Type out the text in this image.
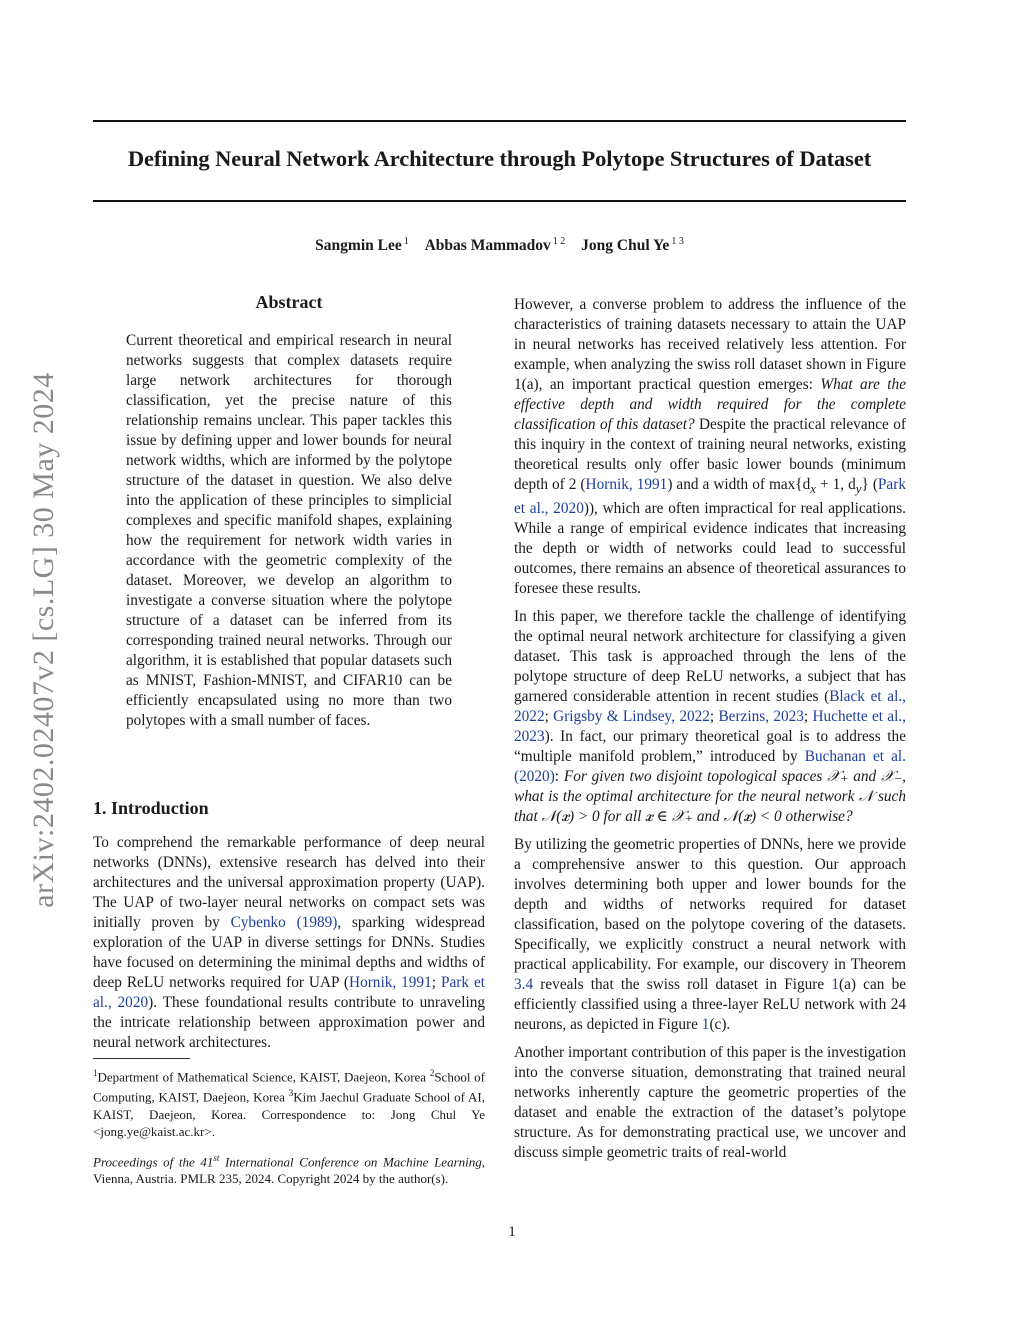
arXiv:2402.02407v2 [cs.LG] 30 May 2024
Defining Neural Network Architecture through Polytope Structures of Dataset
Sangmin Lee $^1$ Abbas Mammadov $^{1 2}$ Jong Chul Ye $^{1 3}$
Abstract
Current theoretical and empirical research in neural networks suggests that complex datasets require large network architectures for thorough classification, yet the precise nature of this relationship remains unclear. This paper tackles this issue by defining upper and lower bounds for neural network widths, which are informed by the polytope structure of the dataset in question. We also delve into the application of these principles to simplicial complexes and specific manifold shapes, explaining how the requirement for network width varies in accordance with the geometric complexity of the dataset. Moreover, we develop an algorithm to investigate a converse situation where the polytope structure of a dataset can be inferred from its corresponding trained neural networks. Through our algorithm, it is established that popular datasets such as MNIST, Fashion-MNIST, and CIFAR10 can be efficiently encapsulated using no more than two polytopes with a small number of faces.
1. Introduction
To comprehend the remarkable performance of deep neural networks (DNNs), extensive research has delved into their architectures and the universal approximation property (UAP). The UAP of two-layer neural networks on compact sets was initially proven by Cybenko (1989), sparking widespread exploration of the UAP in diverse settings for DNNs. Studies have focused on determining the minimal depths and widths of deep ReLU networks required for UAP (Hornik, 1991; Park et al., 2020). These foundational results contribute to unraveling the intricate relationship between approximation power and neural network architectures.
$^1$Department of Mathematical Science, KAIST, Daejeon, Korea $^2$School of Computing, KAIST, Daejeon, Korea $^3$Kim Jaechul Graduate School of AI, KAIST, Daejeon, Korea. Correspondence to: Jong Chul Ye <jong.ye@kaist.ac.kr>.
Proceedings of the 41st International Conference on Machine Learning, Vienna, Austria. PMLR 235, 2024. Copyright 2024 by the author(s).

However, a converse problem to address the influence of the characteristics of training datasets necessary to attain the UAP in neural networks has received relatively less attention. For example, when analyzing the swiss roll dataset shown in Figure 1(a), an important practical question emerges: What are the effective depth and width required for the complete classification of this dataset? Despite the practical relevance of this inquiry in the context of training neural networks, existing theoretical results only offer basic lower bounds (minimum depth of 2 (Hornik, 1991) and a width of $\max\{d_x + 1$, $d_y$} (Park et al., 2020)), which are often impractical for real applications. While a range of empirical evidence indicates that increasing the depth or width of networks could lead to successful outcomes, there remains an absence of theoretical assurances to foresee these results.

In this paper, we therefore tackle the challenge of identifying the optimal neural network architecture for classifying a given dataset. This task is approached through the lens of the polytope structure of deep ReLU networks, a subject that has garnered considerable attention in recent studies (Black et al., 2022; Grigsby & Lindsey, 2022; Berzins, 2023; Huchette et al., 2023). In fact, our primary theoretical goal is to address the “multiple manifold problem,” introduced by Buchanan et al. (2020): For given two disjoint topological spaces 𝒳₊ and 𝒳₋, what is the optimal architecture for the neural network 𝒩 such that 𝒩(𝒙) > 0 for all 𝒙 ∈ 𝒳₊ and 𝒩(𝒙) < 0 otherwise?

By utilizing the geometric properties of DNNs, here we provide a comprehensive answer to this question. Our approach involves determining both upper and lower bounds for the depth and widths of networks required for dataset classification, based on the polytope covering of the datasets. Specifically, we explicitly construct a neural network with practical applicability. For example, our discovery in Theorem 3.4 reveals that the swiss roll dataset in Figure 1(a) can be efficiently classified using a three-layer ReLU network with 24 neurons, as depicted in Figure 1(c).

Another important contribution of this paper is the investigation into the converse situation, demonstrating that trained neural networks inherently capture the geometric properties of the dataset and enable the extraction of the dataset’s polytope structure. As for demonstrating practical use, we uncover and discuss simple geometric traits of real-world

1
